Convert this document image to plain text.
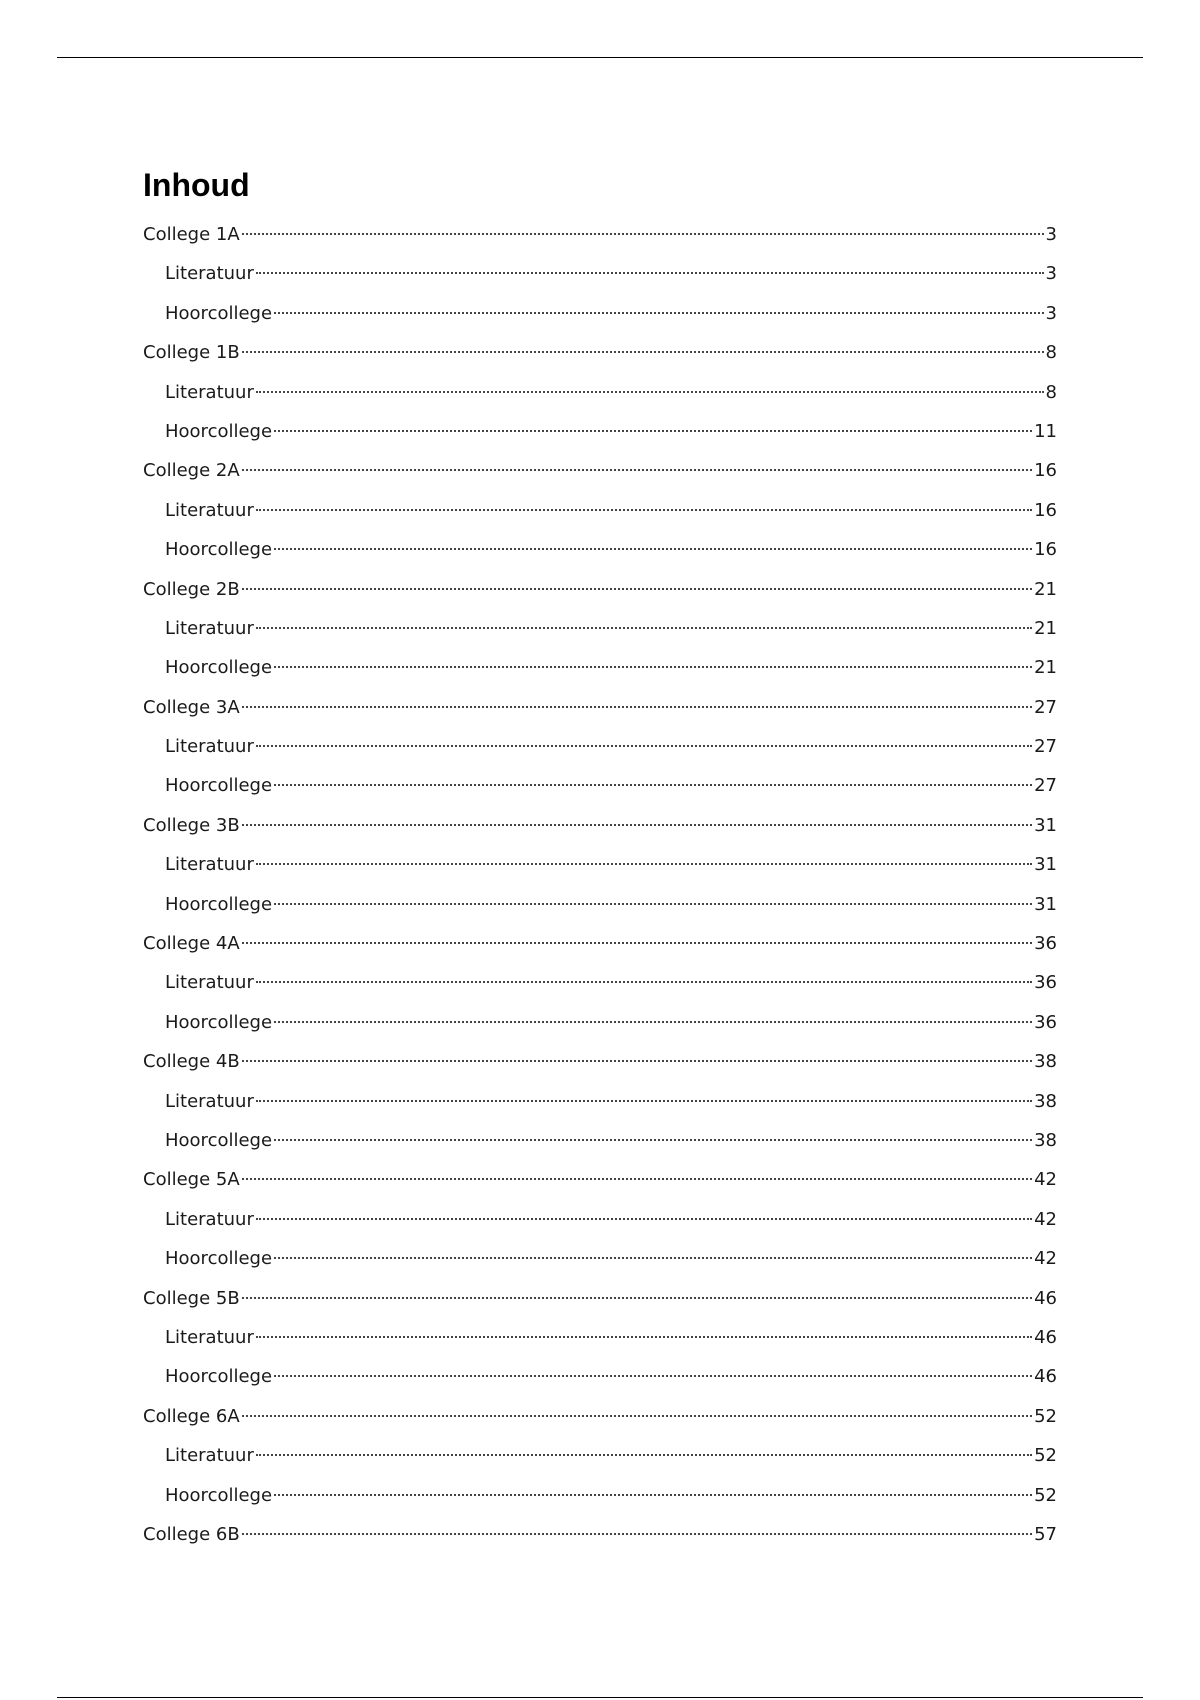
Inhoud
College 1A	3
Literatuur	3
Hoorcollege	3
College 1B	8
Literatuur	8
Hoorcollege	11
College 2A	16
Literatuur	16
Hoorcollege	16
College 2B	21
Literatuur	21
Hoorcollege	21
College 3A	27
Literatuur	27
Hoorcollege	27
College 3B	31
Literatuur	31
Hoorcollege	31
College 4A	36
Literatuur	36
Hoorcollege	36
College 4B	38
Literatuur	38
Hoorcollege	38
College 5A	42
Literatuur	42
Hoorcollege	42
College 5B	46
Literatuur	46
Hoorcollege	46
College 6A	52
Literatuur	52
Hoorcollege	52
College 6B	57
